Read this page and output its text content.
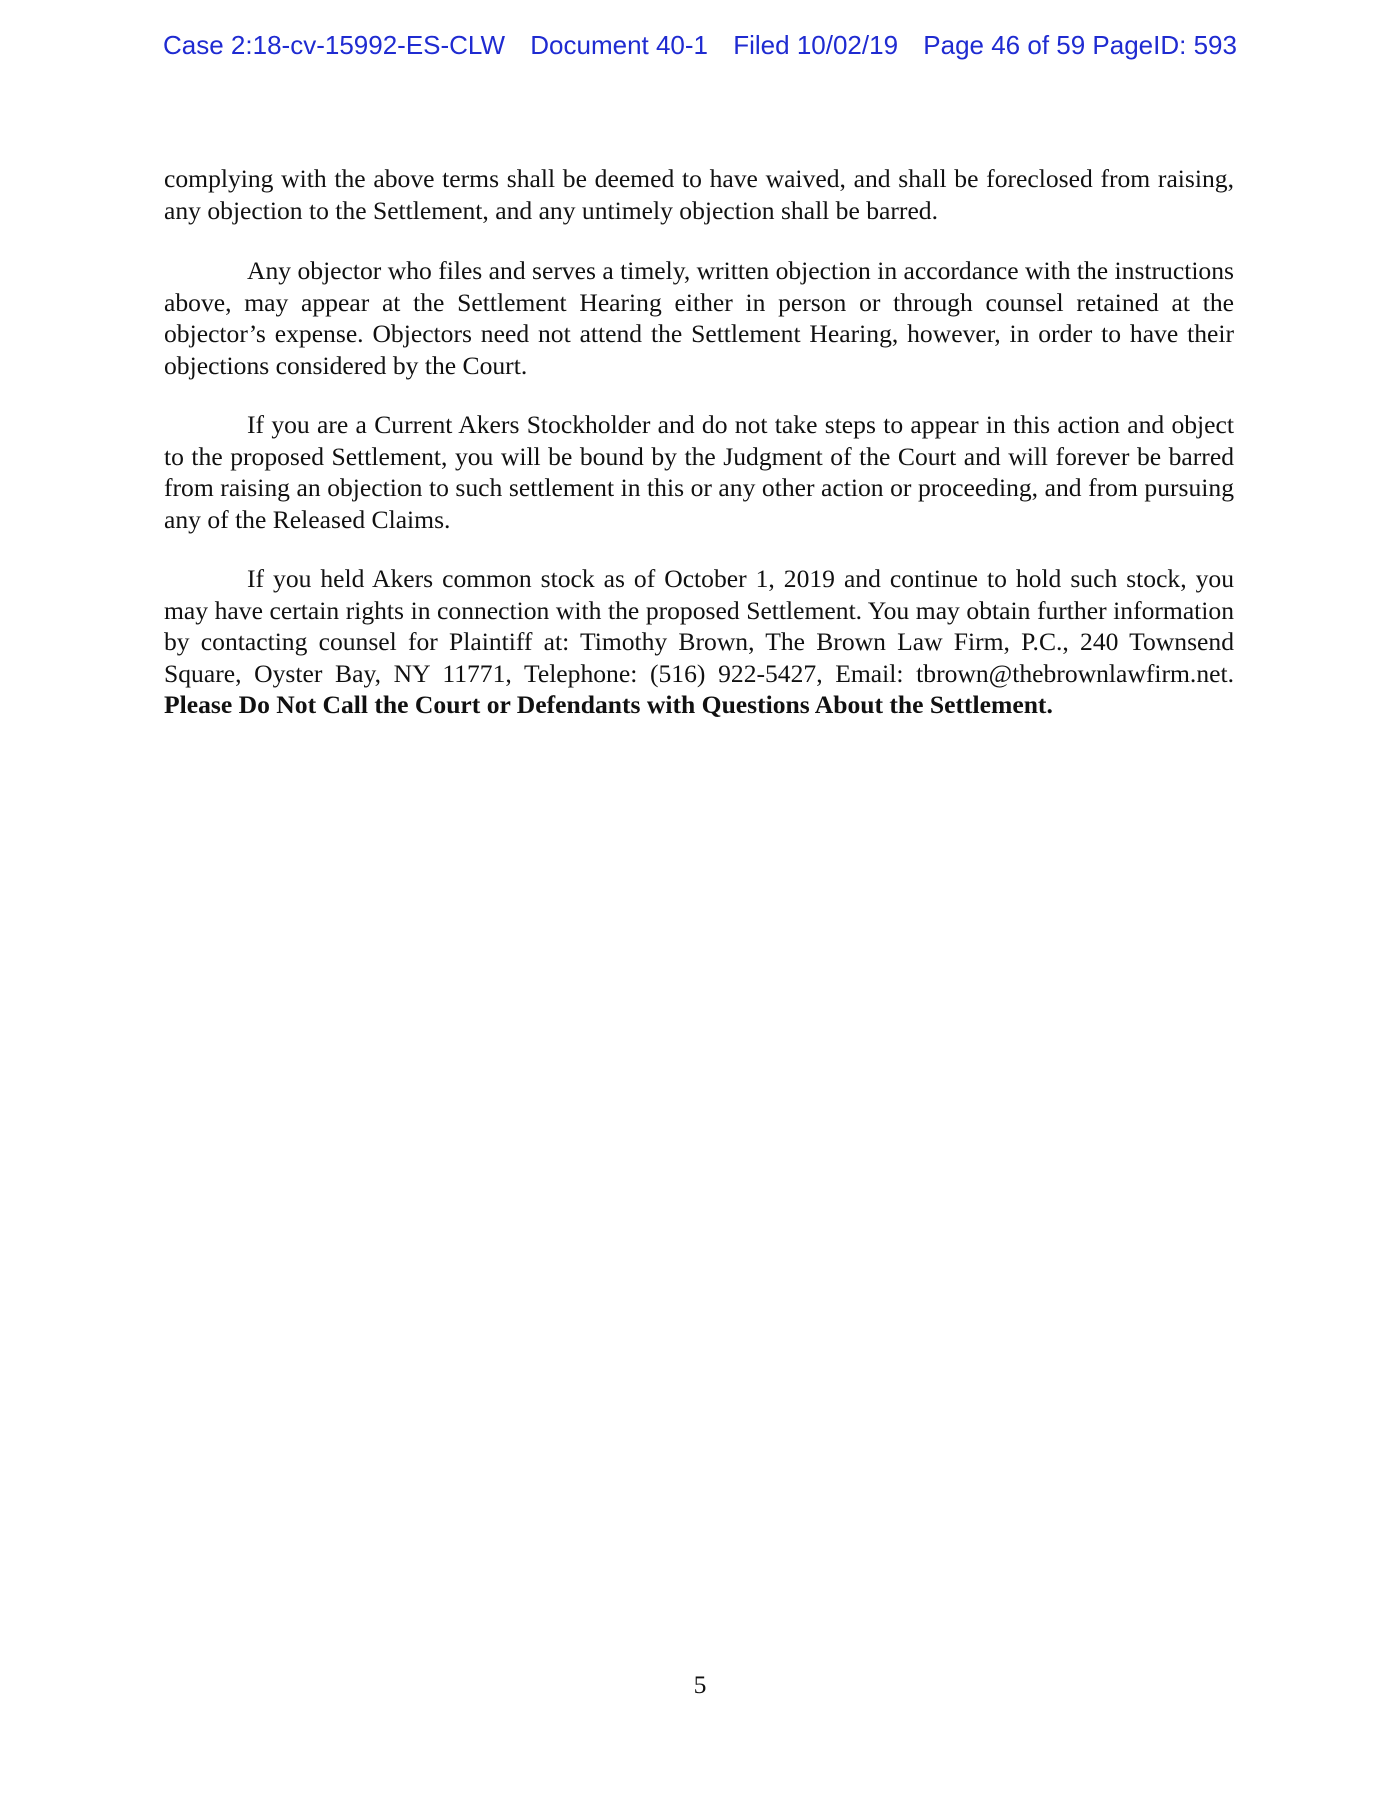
Case 2:18-cv-15992-ES-CLW Document 40-1 Filed 10/02/19 Page 46 of 59 PageID: 593

complying with the above terms shall be deemed to have waived, and shall be foreclosed from raising, any objection to the Settlement, and any untimely objection shall be barred.

Any objector who files and serves a timely, written objection in accordance with the instructions above, may appear at the Settlement Hearing either in person or through counsel retained at the objector’s expense. Objectors need not attend the Settlement Hearing, however, in order to have their objections considered by the Court.

If you are a Current Akers Stockholder and do not take steps to appear in this action and object to the proposed Settlement, you will be bound by the Judgment of the Court and will forever be barred from raising an objection to such settlement in this or any other action or proceeding, and from pursuing any of the Released Claims.

If you held Akers common stock as of October 1, 2019 and continue to hold such stock, you may have certain rights in connection with the proposed Settlement. You may obtain further information by contacting counsel for Plaintiff at: Timothy Brown, The Brown Law Firm, P.C., 240 Townsend Square, Oyster Bay, NY 11771, Telephone: (516) 922-5427, Email: tbrown@thebrownlawfirm.net. Please Do Not Call the Court or Defendants with Questions About the Settlement.

5
